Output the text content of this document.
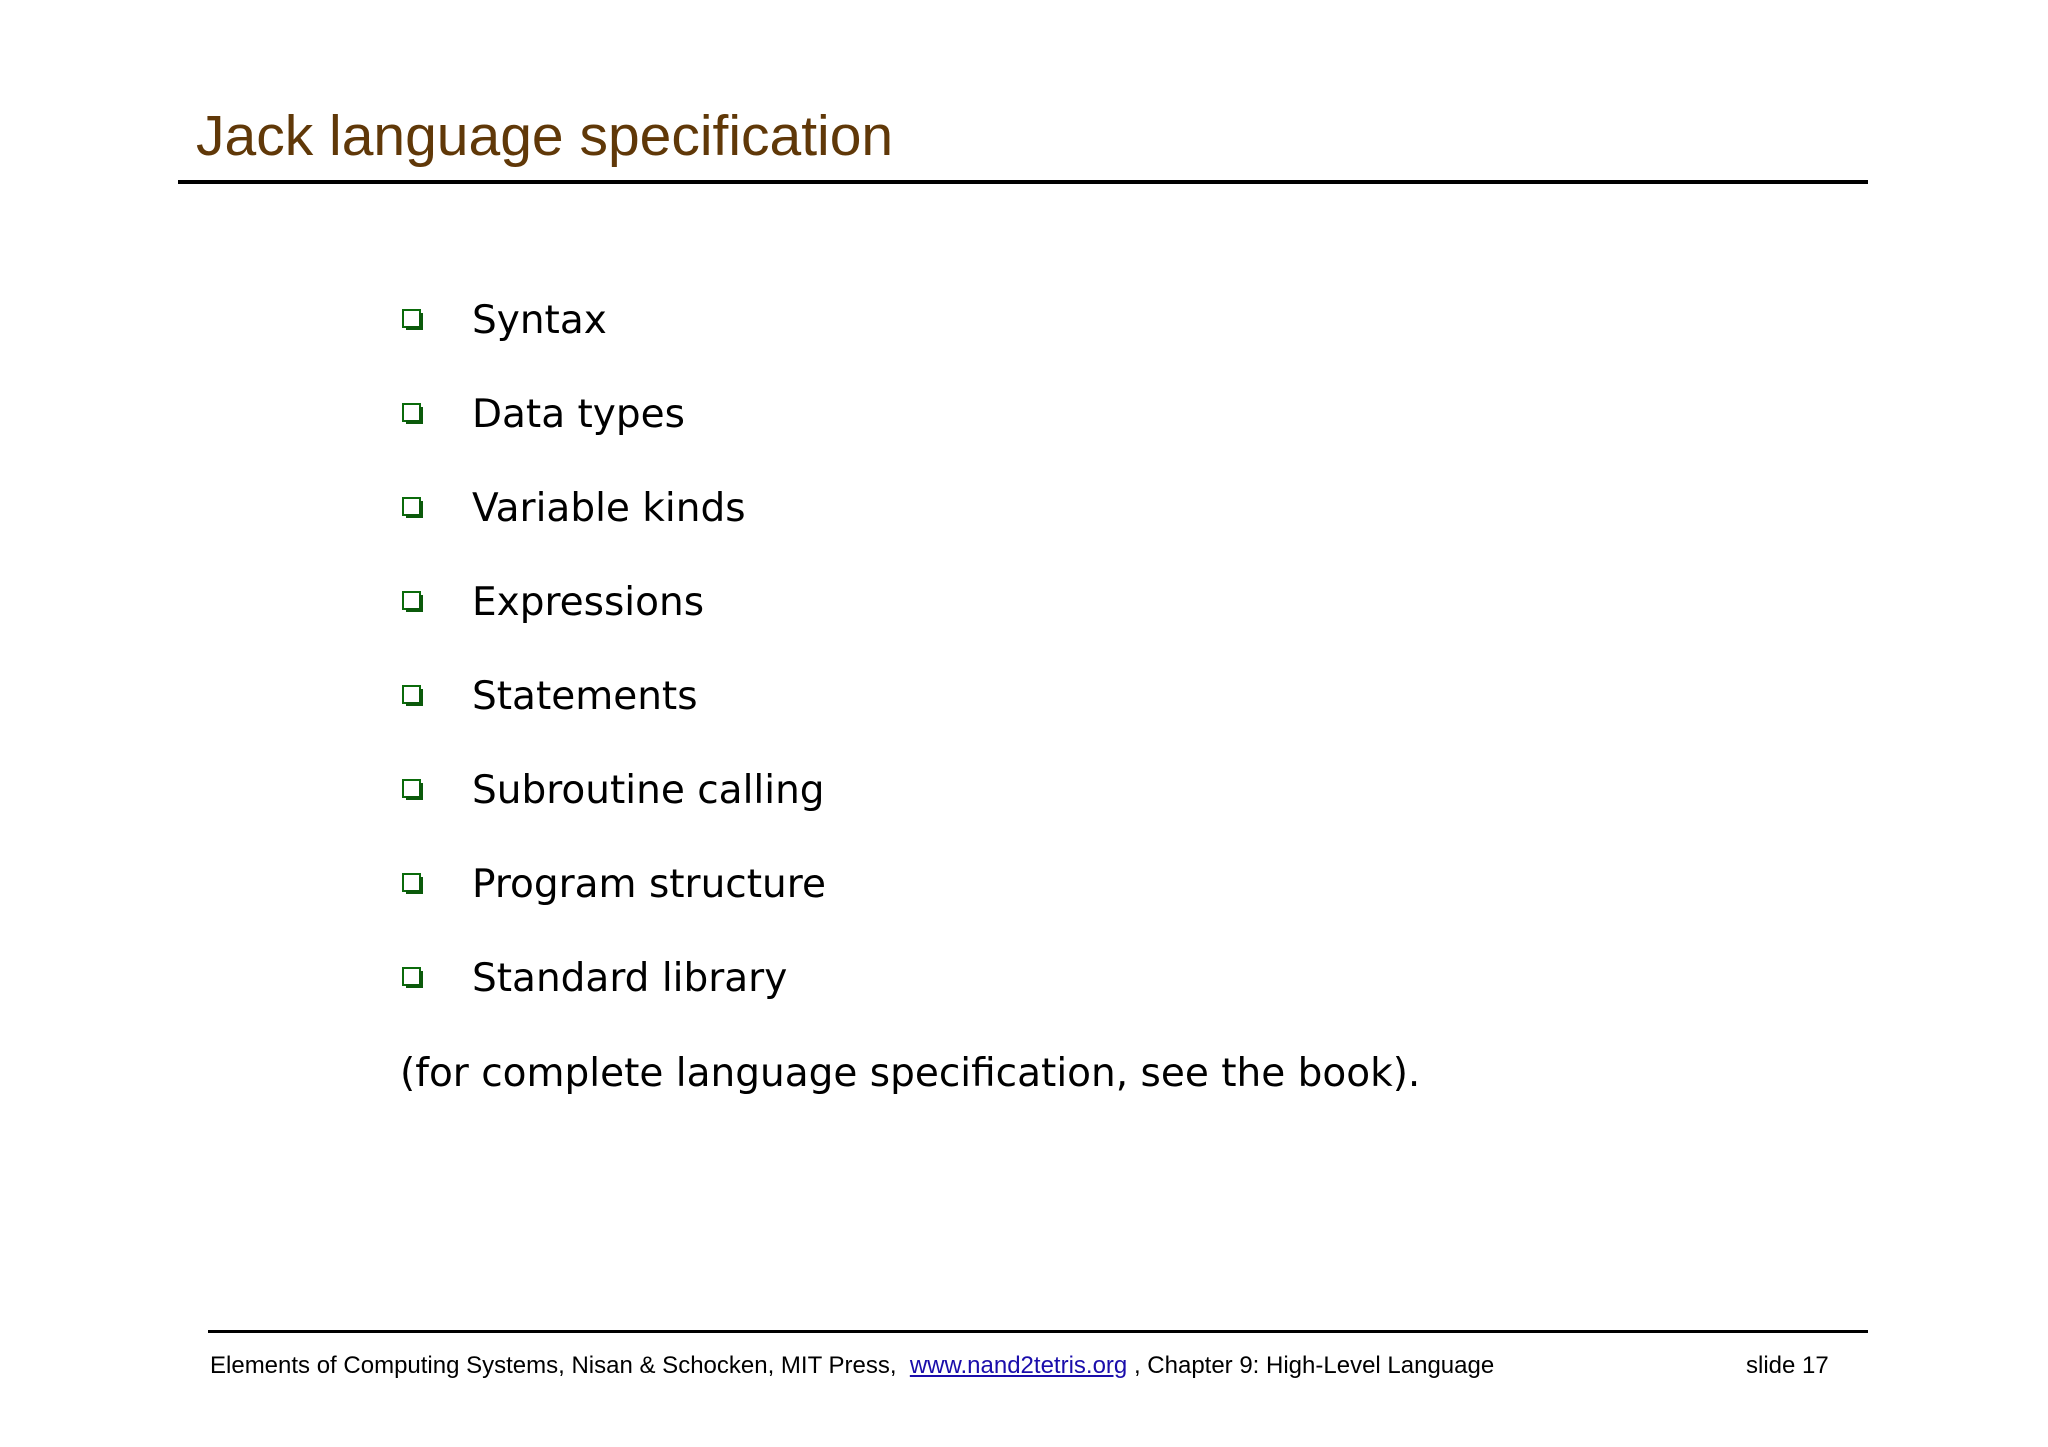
Jack language specification
Syntax
Data types
Variable kinds
Expressions
Statements
Subroutine calling
Program structure
Standard library

(for complete language specification, see the book).

Elements of Computing Systems, Nisan & Schocken, MIT Press,  www.nand2tetris.org , Chapter 9: High-Level Language	slide 17
